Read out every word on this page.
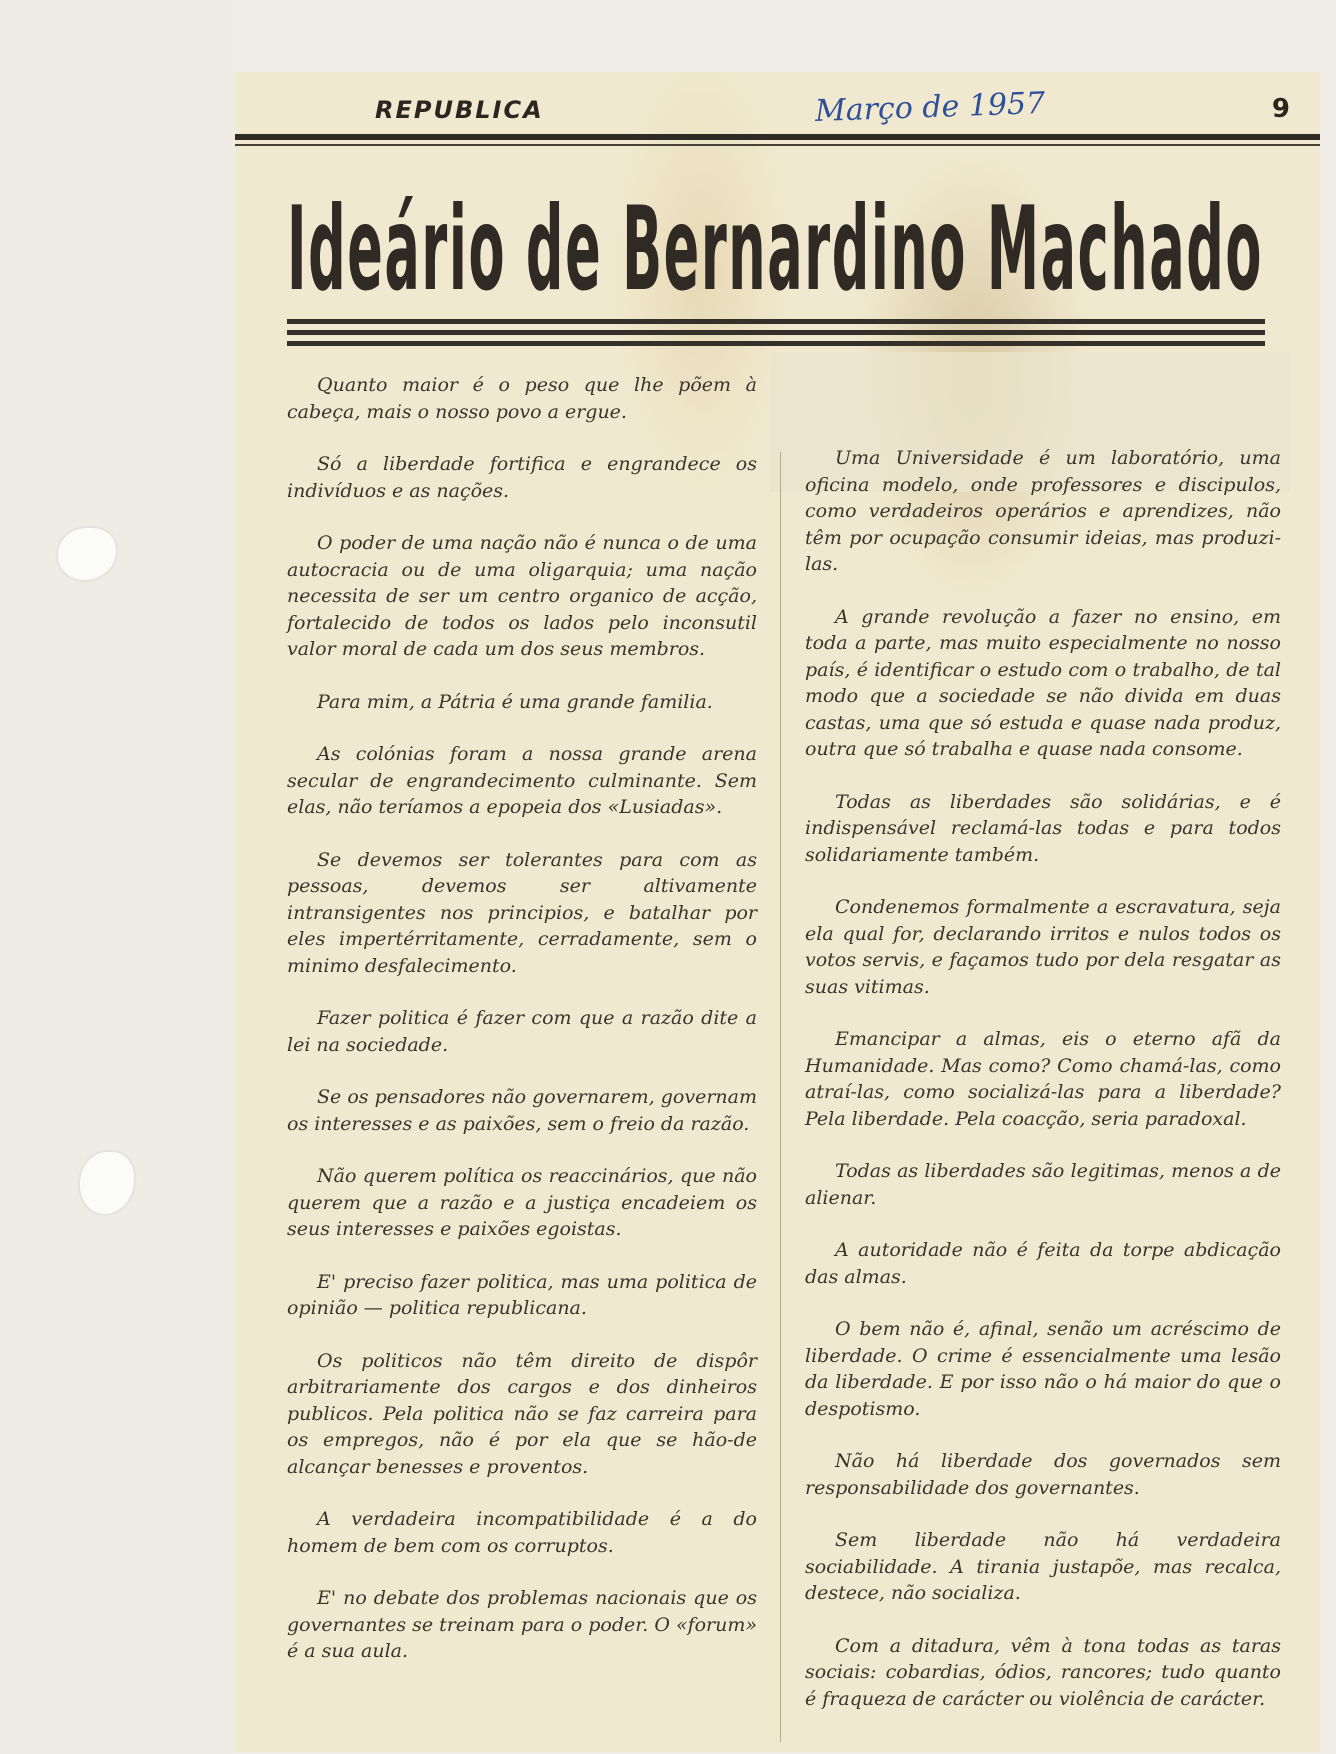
REPUBLICA	Março de 1957	9
Ideário de Bernardino Machado

Quanto maior é o peso que lhe põem à cabeça, mais o nosso povo a ergue.

Só a liberdade fortifica e engrandece os indivíduos e as nações.

O poder de uma nação não é nunca o de uma autocracia ou de uma oligarquia; uma nação necessita de ser um centro organico de acção, fortalecido de todos os lados pelo inconsutil valor moral de cada um dos seus membros.

Para mim, a Pátria é uma grande familia.

As colónias foram a nossa grande arena secular de engrandecimento culminante. Sem elas, não teríamos a epopeia dos «Lusiadas».

Se devemos ser tolerantes para com as pessoas, devemos ser altivamente intransigentes nos principios, e batalhar por eles impertérritamente, cerradamente, sem o minimo desfalecimento.

Fazer politica é fazer com que a razão dite a lei na sociedade.

Se os pensadores não governarem, governam os interesses e as paixões, sem o freio da razão.

Não querem política os reaccinários, que não querem que a razão e a justiça encadeiem os seus interesses e paixões egoistas.

E' preciso fazer politica, mas uma politica de opinião — politica republicana.

Os politicos não têm direito de dispôr arbitrariamente dos cargos e dos dinheiros publicos. Pela politica não se faz carreira para os empregos, não é por ela que se hão-de alcançar benesses e proventos.

A verdadeira incompatibilidade é a do homem de bem com os corruptos.

E' no debate dos problemas nacionais que os governantes se treinam para o poder. O «forum» é a sua aula.

Uma Universidade é um laboratório, uma oficina modelo, onde professores e discipulos, como verdadeiros operários e aprendizes, não têm por ocupação consumir ideias, mas produzi-las.

A grande revolução a fazer no ensino, em toda a parte, mas muito especialmente no nosso país, é identificar o estudo com o trabalho, de tal modo que a sociedade se não divida em duas castas, uma que só estuda e quase nada produz, outra que só trabalha e quase nada consome.

Todas as liberdades são solidárias, e é indispensável reclamá-las todas e para todos solidariamente também.

Condenemos formalmente a escravatura, seja ela qual for, declarando irritos e nulos todos os votos servis, e façamos tudo por dela resgatar as suas vitimas.

Emancipar a almas, eis o eterno afã da Humanidade. Mas como? Como chamá-las, como atraí-las, como socializá-las para a liberdade? Pela liberdade. Pela coacção, seria paradoxal.

Todas as liberdades são legitimas, menos a de alienar.

A autoridade não é feita da torpe abdicação das almas.

O bem não é, afinal, senão um acréscimo de liberdade. O crime é essencialmente uma lesão da liberdade. E por isso não o há maior do que o despotismo.

Não há liberdade dos governados sem responsabilidade dos governantes.

Sem liberdade não há verdadeira sociabilidade. A tirania justapõe, mas recalca, destece, não socializa.

Com a ditadura, vêm à tona todas as taras sociais: cobardias, ódios, rancores; tudo quanto é fraqueza de carácter ou violência de carácter.
